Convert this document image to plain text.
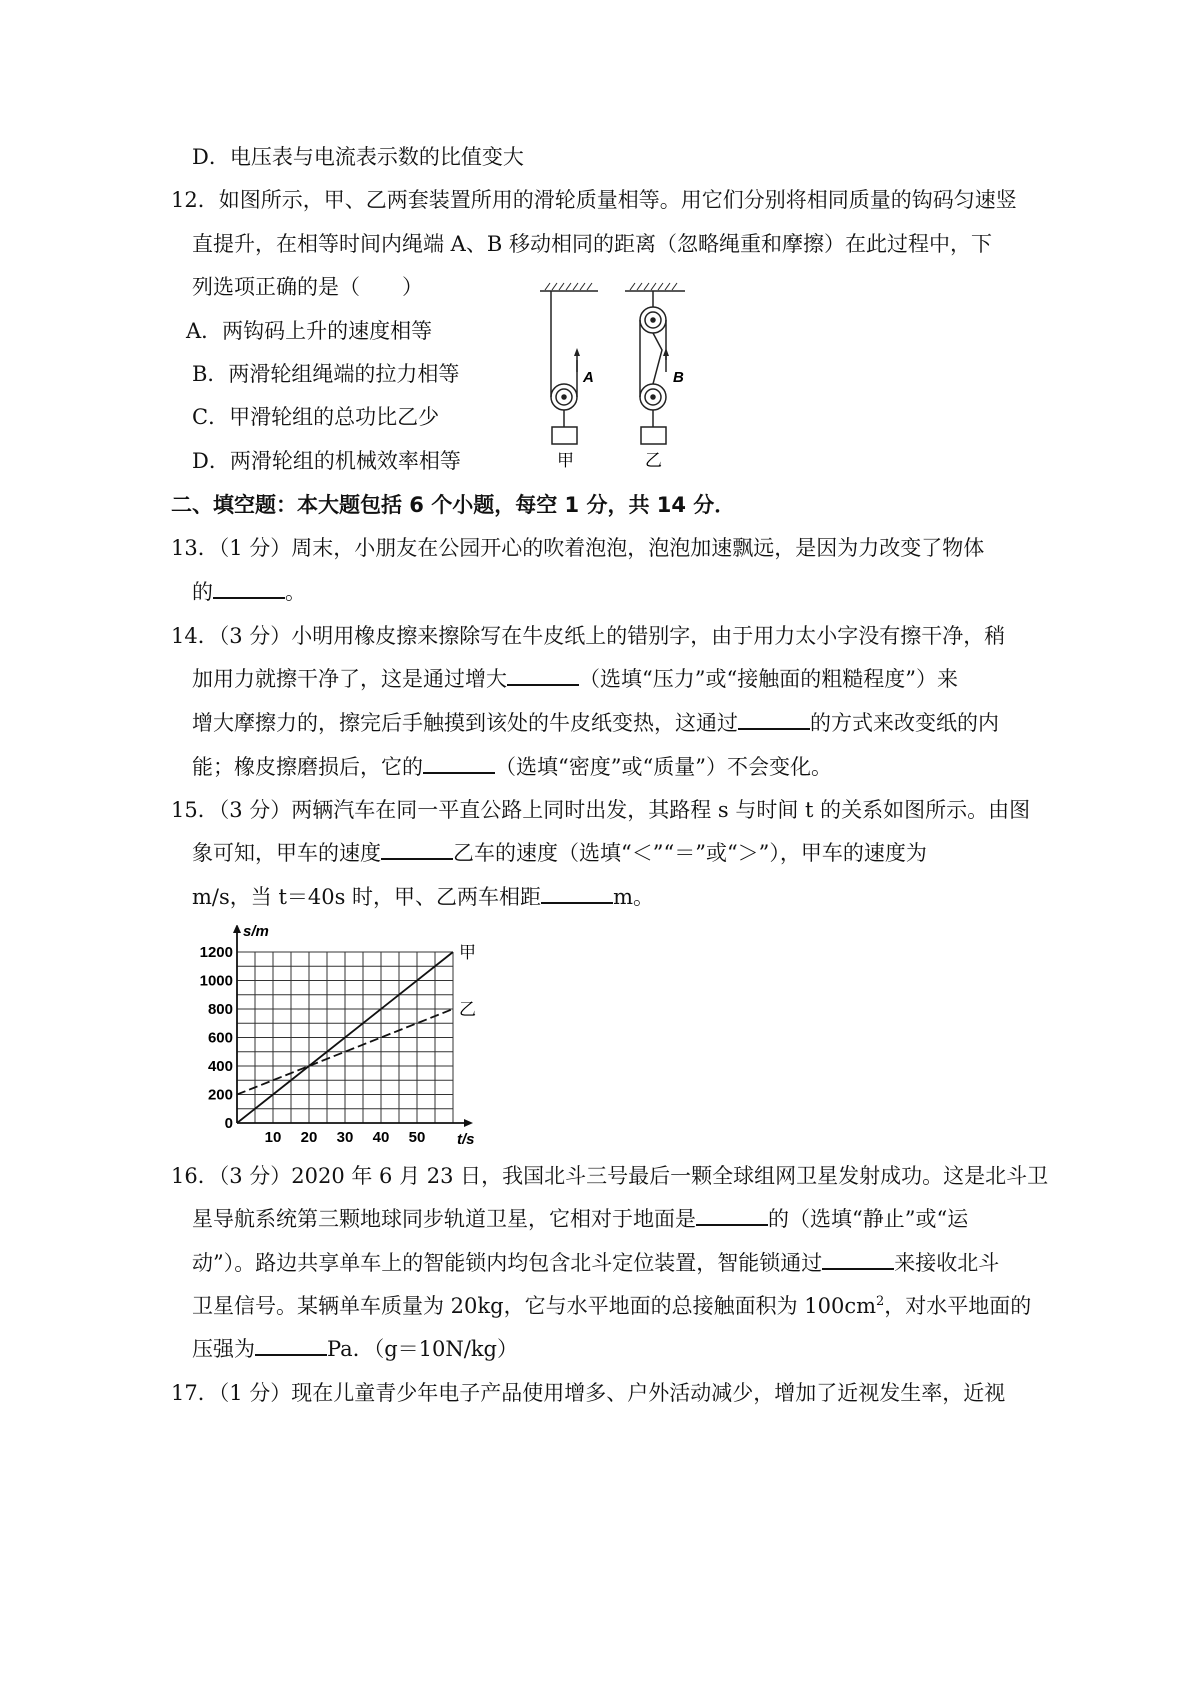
D．电压表与电流表示数的比值变大
12．如图所示，甲、乙两套装置所用的滑轮质量相等。用它们分别将相同质量的钩码匀速竖
直提升，在相等时间内绳端 A、B 移动相同的距离（忽略绳重和摩擦）在此过程中，下
列选项正确的是（　　）
A．两钩码上升的速度相等
B．两滑轮组绳端的拉力相等
C．甲滑轮组的总功比乙少
D．两滑轮组的机械效率相等
A	B
甲	乙
二、填空题：本大题包括 6 个小题，每空 1 分，共 14 分．
13．（1 分）周末，小朋友在公园开心的吹着泡泡，泡泡加速飘远，是因为力改变了物体
的	。
14．（3 分）小明用橡皮擦来擦除写在牛皮纸上的错别字，由于用力太小字没有擦干净，稍
加用力就擦干净了，这是通过增大	（选填“压力”或“接触面的粗糙程度”）来
增大摩擦力的，擦完后手触摸到该处的牛皮纸变热，这通过	的方式来改变纸的内
能；橡皮擦磨损后，它的	（选填“密度”或“质量”）不会变化。
15．（3 分）两辆汽车在同一平直公路上同时出发，其路程 s 与时间 t 的关系如图所示。由图
象可知，甲车的速度	乙车的速度（选填“＜”“＝”或“＞”），甲车的速度为
m/s，当 t＝40s 时，甲、乙两车相距	m。
10 20 30 40 50
0
200
400
600
800
1000
1200
t/s
s/m
甲
乙
16．（3 分）2020 年 6 月 23 日，我国北斗三号最后一颗全球组网卫星发射成功。这是北斗卫
星导航系统第三颗地球同步轨道卫星，它相对于地面是	的（选填“静止”或“运
动”）。路边共享单车上的智能锁内均包含北斗定位装置，智能锁通过	来接收北斗
卫星信号。某辆单车质量为 20kg，它与水平地面的总接触面积为 $100cm^2$，对水平地面的
压强为	Pa．（g＝10N/kg）
17．（1 分）现在儿童青少年电子产品使用增多、户外活动减少，增加了近视发生率，近视
